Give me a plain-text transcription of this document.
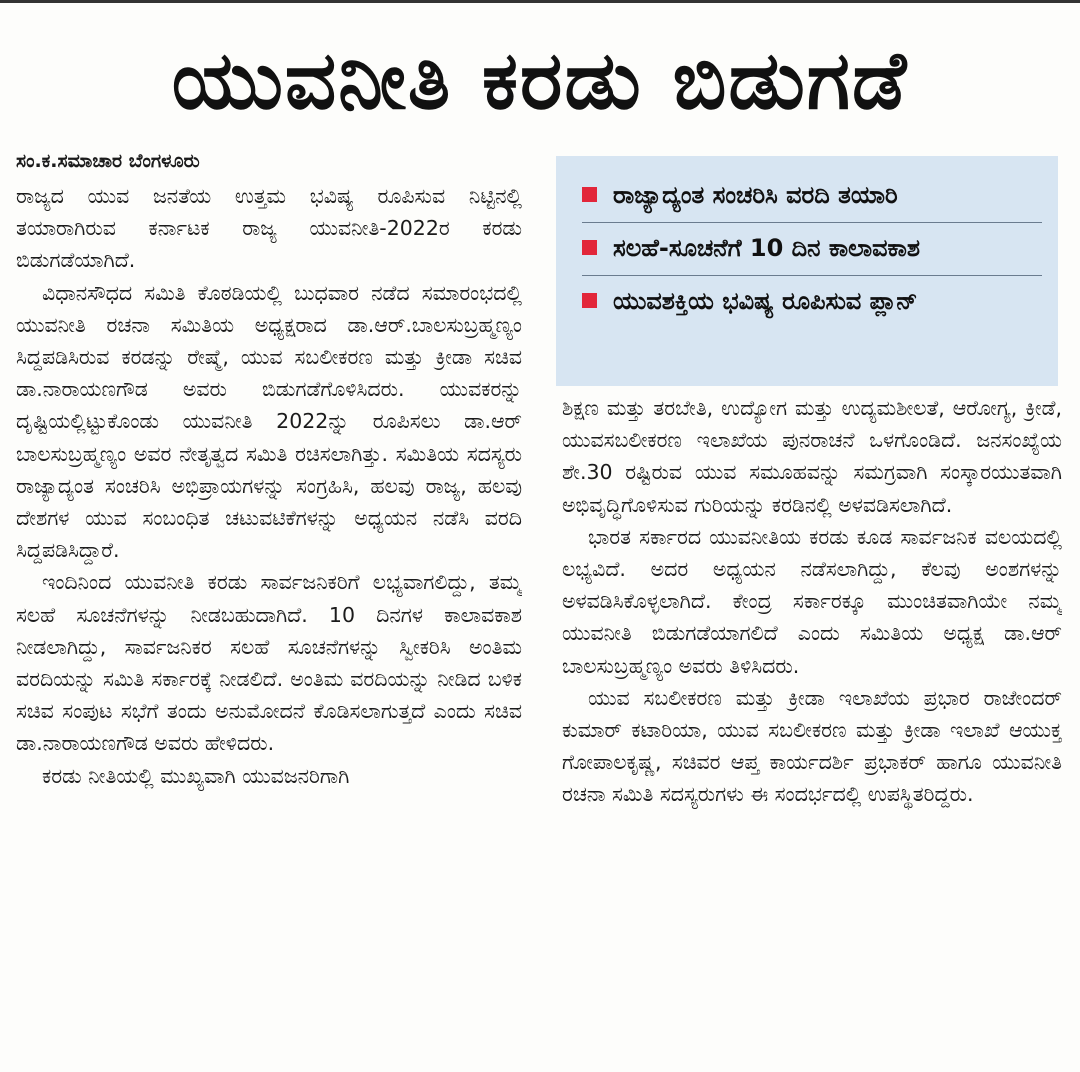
ಯುವನೀತಿ ಕರಡು ಬಿಡುಗಡೆ
ಸಂ.ಕ.ಸಮಾಚಾರ ಬೆಂಗಳೂರು

ರಾಜ್ಯದ ಯುವ ಜನತೆಯ ಉತ್ತಮ ಭವಿಷ್ಯ ರೂಪಿಸುವ ನಿಟ್ಟಿನಲ್ಲಿ ತಯಾರಾಗಿರುವ ಕರ್ನಾಟಕ ರಾಜ್ಯ ಯುವನೀತಿ-2022ರ ಕರಡು ಬಿಡುಗಡೆಯಾಗಿದೆ.

ವಿಧಾನಸೌಧದ ಸಮಿತಿ ಕೊಠಡಿಯಲ್ಲಿ ಬುಧವಾರ ನಡೆದ ಸಮಾರಂಭದಲ್ಲಿ ಯುವನೀತಿ ರಚನಾ ಸಮಿತಿಯ ಅಧ್ಯಕ್ಷರಾದ ಡಾ.ಆರ್.ಬಾಲಸುಬ್ರಹ್ಮಣ್ಯಂ ಸಿದ್ದಪಡಿಸಿರುವ ಕರಡನ್ನು ರೇಷ್ಮೆ, ಯುವ ಸಬಲೀಕರಣ ಮತ್ತು ಕ್ರೀಡಾ ಸಚಿವ ಡಾ.ನಾರಾಯಣಗೌಡ ಅವರು ಬಿಡುಗಡೆಗೊಳಿಸಿದರು. ಯುವಕರನ್ನು ದೃಷ್ಟಿಯಲ್ಲಿಟ್ಟುಕೊಂಡು ಯುವನೀತಿ 2022ನ್ನು ರೂಪಿಸಲು ಡಾ.ಆರ್ ಬಾಲಸುಬ್ರಹ್ಮಣ್ಯಂ ಅವರ ನೇತೃತ್ವದ ಸಮಿತಿ ರಚಿಸಲಾಗಿತ್ತು. ಸಮಿತಿಯ ಸದಸ್ಯರು ರಾಜ್ಯಾದ್ಯಂತ ಸಂಚರಿಸಿ ಅಭಿಪ್ರಾಯಗಳನ್ನು ಸಂಗ್ರಹಿಸಿ, ಹಲವು ರಾಜ್ಯ, ಹಲವು ದೇಶಗಳ ಯುವ ಸಂಬಂಧಿತ ಚಟುವಟಿಕೆಗಳನ್ನು ಅಧ್ಯಯನ ನಡೆಸಿ ವರದಿ ಸಿದ್ದಪಡಿಸಿದ್ದಾರೆ.

ಇಂದಿನಿಂದ ಯುವನೀತಿ ಕರಡು ಸಾರ್ವಜನಿಕರಿಗೆ ಲಭ್ಯವಾಗಲಿದ್ದು, ತಮ್ಮ ಸಲಹೆ ಸೂಚನೆಗಳನ್ನು ನೀಡಬಹುದಾಗಿದೆ. 10 ದಿನಗಳ ಕಾಲಾವಕಾಶ ನೀಡಲಾಗಿದ್ದು, ಸಾರ್ವಜನಿಕರ ಸಲಹೆ ಸೂಚನೆಗಳನ್ನು ಸ್ವೀಕರಿಸಿ ಅಂತಿಮ ವರದಿಯನ್ನು ಸಮಿತಿ ಸರ್ಕಾರಕ್ಕೆ ನೀಡಲಿದೆ. ಅಂತಿಮ ವರದಿಯನ್ನು ನೀಡಿದ ಬಳಿಕ ಸಚಿವ ಸಂಪುಟ ಸಭೆಗೆ ತಂದು ಅನುಮೋದನೆ ಕೊಡಿಸಲಾಗುತ್ತದೆ ಎಂದು ಸಚಿವ ಡಾ.ನಾರಾಯಣಗೌಡ ಅವರು ಹೇಳಿದರು.

ಕರಡು ನೀತಿಯಲ್ಲಿ ಮುಖ್ಯವಾಗಿ ಯುವಜನರಿಗಾಗಿ

ರಾಜ್ಯಾದ್ಯಂತ ಸಂಚರಿಸಿ ವರದಿ ತಯಾರಿ
ಸಲಹೆ-ಸೂಚನೆಗೆ 10 ದಿನ ಕಾಲಾವಕಾಶ
ಯುವಶಕ್ತಿಯ ಭವಿಷ್ಯ ರೂಪಿಸುವ ಪ್ಲಾನ್

ಶಿಕ್ಷಣ ಮತ್ತು ತರಬೇತಿ, ಉದ್ಯೋಗ ಮತ್ತು ಉದ್ಯಮಶೀಲತೆ, ಆರೋಗ್ಯ, ಕ್ರೀಡೆ, ಯುವಸಬಲೀಕರಣ ಇಲಾಖೆಯ ಪುನರಾಚನೆ ಒಳಗೊಂಡಿದೆ. ಜನಸಂಖ್ಯೆಯ ಶೇ.30 ರಷ್ಟಿರುವ ಯುವ ಸಮೂಹವನ್ನು ಸಮಗ್ರವಾಗಿ ಸಂಸ್ಕಾರಯುತವಾಗಿ ಅಭಿವೃದ್ಧಿಗೊಳಿಸುವ ಗುರಿಯನ್ನು ಕರಡಿನಲ್ಲಿ ಅಳವಡಿಸಲಾಗಿದೆ.

ಭಾರತ ಸರ್ಕಾರದ ಯುವನೀತಿಯ ಕರಡು ಕೂಡ ಸಾರ್ವಜನಿಕ ವಲಯದಲ್ಲಿ ಲಭ್ಯವಿದೆ. ಅದರ ಅಧ್ಯಯನ ನಡೆಸಲಾಗಿದ್ದು, ಕೆಲವು ಅಂಶಗಳನ್ನು ಅಳವಡಿಸಿಕೊಳ್ಳಲಾಗಿದೆ. ಕೇಂದ್ರ ಸರ್ಕಾರಕ್ಕೂ ಮುಂಚಿತವಾಗಿಯೇ ನಮ್ಮ ಯುವನೀತಿ ಬಿಡುಗಡೆಯಾಗಲಿದೆ ಎಂದು ಸಮಿತಿಯ ಅಧ್ಯಕ್ಷ ಡಾ.ಆರ್ ಬಾಲಸುಬ್ರಹ್ಮಣ್ಯಂ ಅವರು ತಿಳಿಸಿದರು.

ಯುವ ಸಬಲೀಕರಣ ಮತ್ತು ಕ್ರೀಡಾ ಇಲಾಖೆಯ ಪ್ರಭಾರ ರಾಜೇಂದರ್ ಕುಮಾರ್ ಕಟಾರಿಯಾ, ಯುವ ಸಬಲೀಕರಣ ಮತ್ತು ಕ್ರೀಡಾ ಇಲಾಖೆ ಆಯುಕ್ತ ಗೋಪಾಲಕೃಷ್ಣ, ಸಚಿವರ ಆಪ್ತ ಕಾರ್ಯದರ್ಶಿ ಪ್ರಭಾಕರ್ ಹಾಗೂ ಯುವನೀತಿ ರಚನಾ ಸಮಿತಿ ಸದಸ್ಯರುಗಳು ಈ ಸಂದರ್ಭದಲ್ಲಿ ಉಪಸ್ಥಿತರಿದ್ದರು.
